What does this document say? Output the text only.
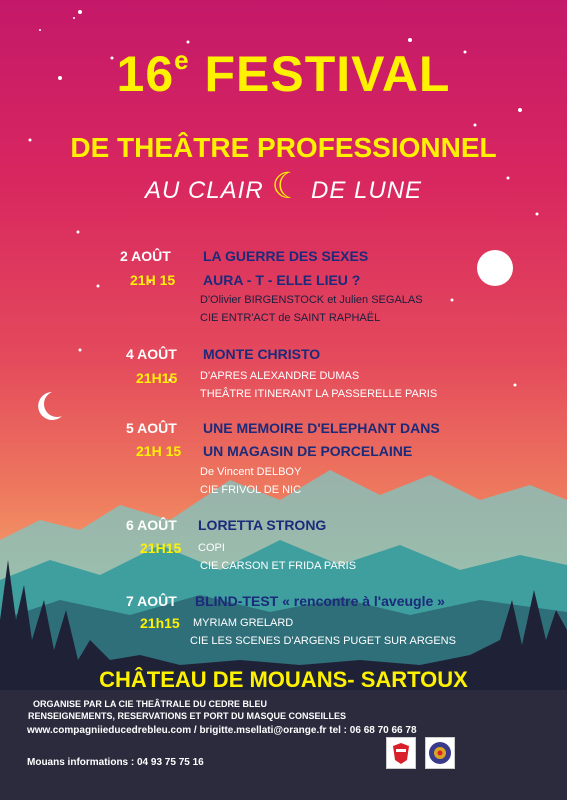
16e FESTIVAL
DE THEÂTRE PROFESSIONNEL
AU CLAIR ☾ DE LUNE
2 AOÛT LA GUERRE DES SEXES
21H 15 AURA - T - ELLE LIEU ?
D'Olivier BIRGENSTOCK et Julien SEGALAS
CIE ENTR'ACT de SAINT RAPHAËL
4 AOÛT MONTE CHRISTO
21H15 D'APRES ALEXANDRE DUMAS
THEÂTRE ITINERANT LA PASSERELLE PARIS
5 AOÛT UNE MEMOIRE D'ELEPHANT DANS
21H 15 UN MAGASIN DE PORCELAINE
De Vincent DELBOY
CIE FRIVOL DE NIC
6 AOÛT LORETTA STRONG
21H15 COPI
CIE CARSON ET FRIDA PARIS
7 AOÛT BLIND-TEST « rencontre à l'aveugle »
21h15 MYRIAM GRELARD
CIE LES SCENES D'ARGENS PUGET SUR ARGENS
CHÂTEAU DE MOUANS- SARTOUX
ORGANISE PAR LA CIE THEÂTRALE DU CEDRE BLEU
RENSEIGNEMENTS, RESERVATIONS ET PORT DU MASQUE CONSEILLES
www.compagniieducedrebleu.com / brigitte.msellati@orange.fr tel : 06 68 70 66 78
Mouans informations : 04 93 75 75 16
